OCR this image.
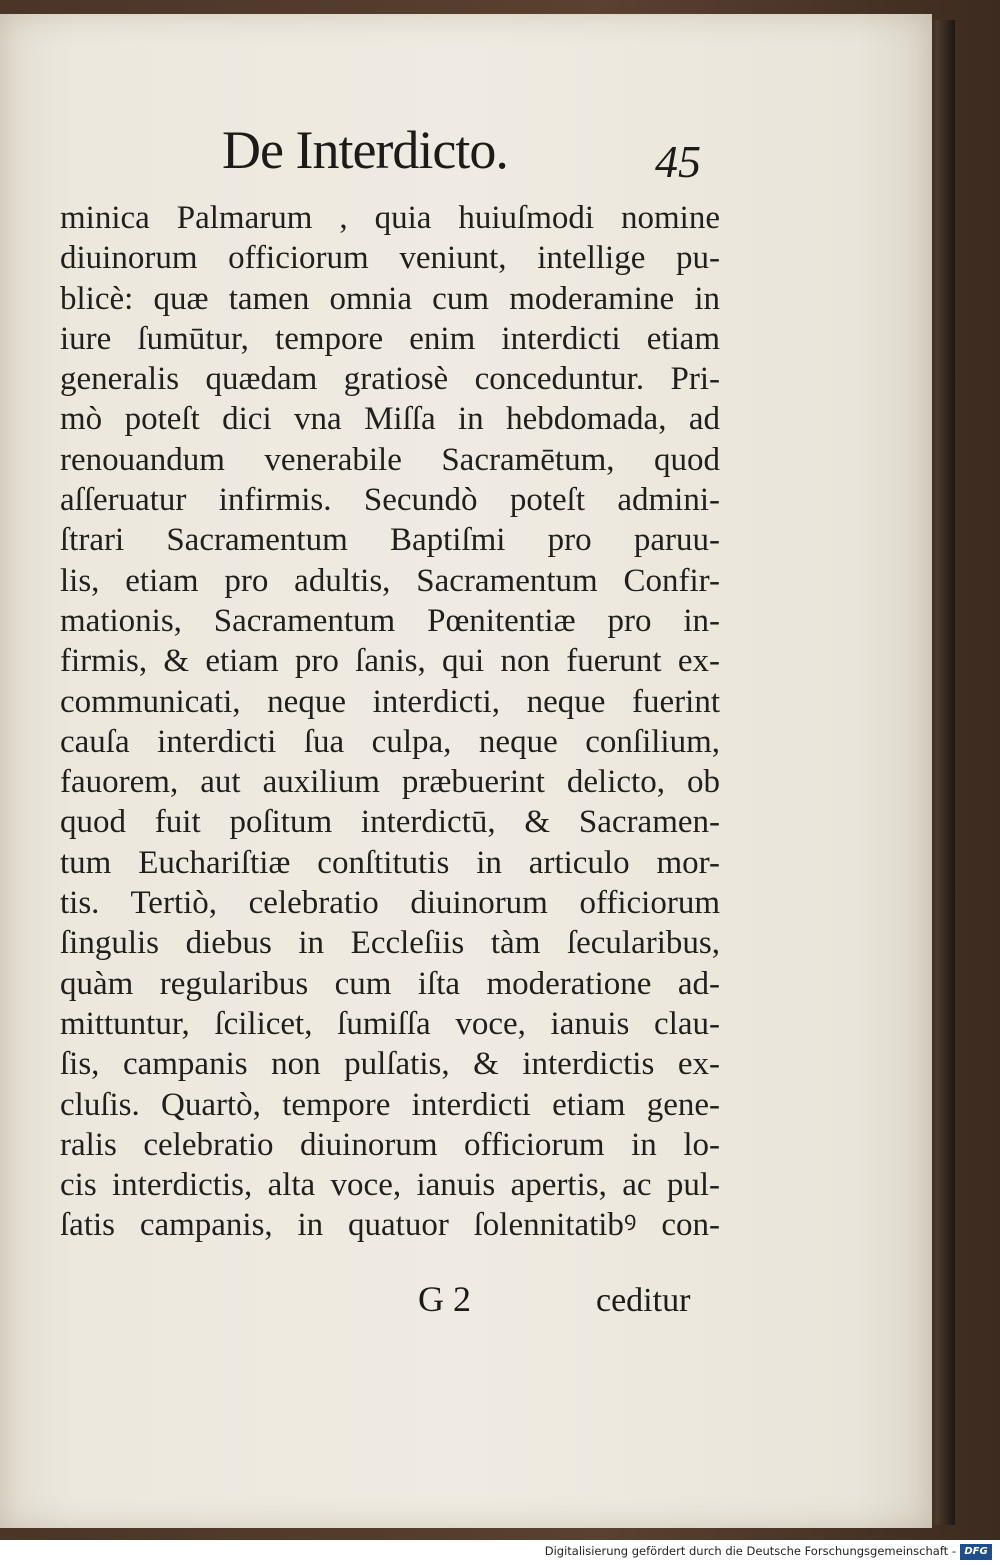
De Interdicto.	45
minica Palmarum , quia huiuſmodi nomine
diuinorum officiorum veniunt, intellige pu-
blicè: quæ tamen omnia cum moderamine in
iure ſumūtur, tempore enim interdicti etiam
generalis quædam gratiosè conceduntur. Pri-
mò poteſt dici vna Miſſa in hebdomada, ad
renouandum venerabile Sacramētum, quod
aſſeruatur infirmis. Secundò poteſt admini-
ſtrari Sacramentum Baptiſmi pro paruu-
lis, etiam pro adultis, Sacramentum Confir-
mationis, Sacramentum Pœnitentiæ pro in-
firmis, & etiam pro ſanis, qui non fuerunt ex-
communicati, neque interdicti, neque fuerint
cauſa interdicti ſua culpa, neque conſilium,
fauorem, aut auxilium præbuerint delicto, ob
quod fuit poſitum interdictū, & Sacramen-
tum Euchariſtiæ conſtitutis in articulo mor-
tis. Tertiò, celebratio diuinorum officiorum
ſingulis diebus in Eccleſiis tàm ſecularibus,
quàm regularibus cum iſta moderatione ad-
mittuntur, ſcilicet, ſumiſſa voce, ianuis clau-
ſis, campanis non pulſatis, & interdictis ex-
cluſis. Quartò, tempore interdicti etiam gene-
ralis celebratio diuinorum officiorum in lo-
cis interdictis, alta voce, ianuis apertis, ac pul-
ſatis campanis, in quatuor ſolennitatibꝰ con-
G 2	ceditur
Digitalisierung gefördert durch die Deutsche Forschungsgemeinschaft - DFG
